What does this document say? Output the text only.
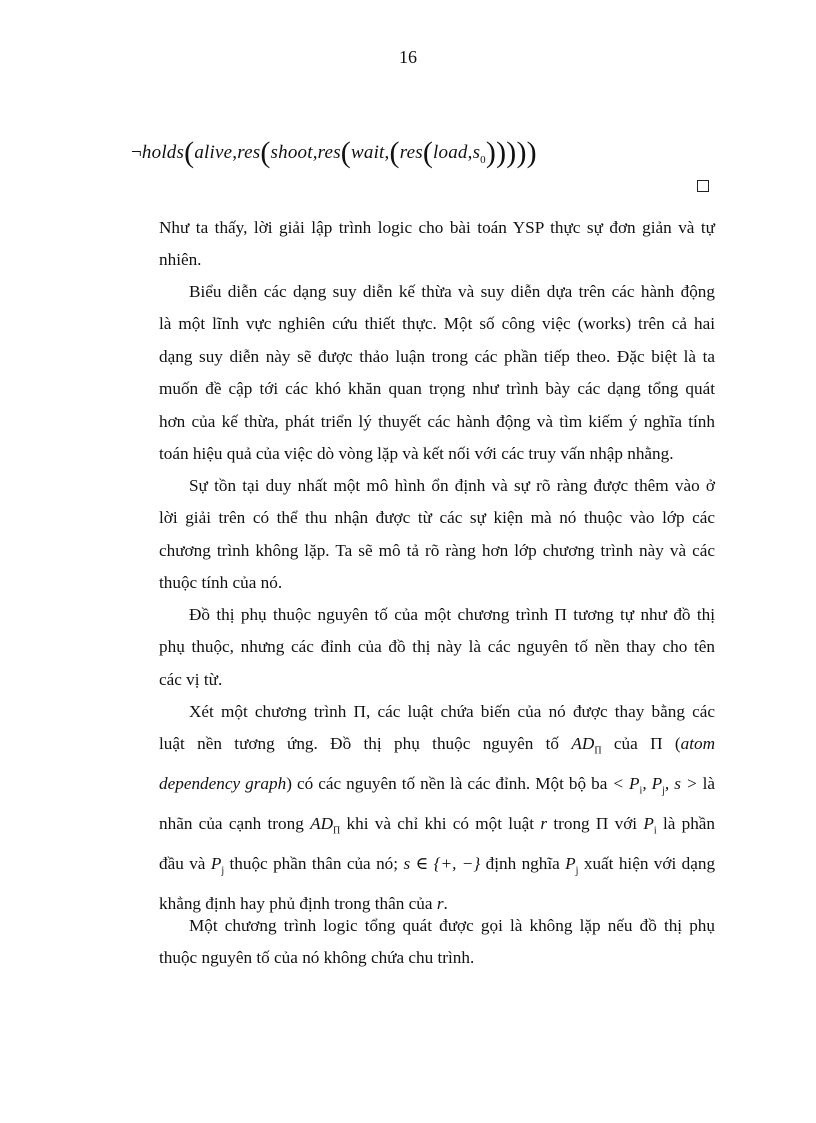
16
$\neg holds(alive,res(shoot,res(wait,(res(load,s_0)))))$
Như ta thấy, lời giải lập trình logic cho bài toán YSP thực sự đơn giản và tự
nhiên.
Biểu diễn các dạng suy diễn kế thừa và suy diễn dựa trên các hành động
là một lĩnh vực nghiên cứu thiết thực. Một số công việc (works) trên cả hai
dạng suy diễn này sẽ được thảo luận trong các phần tiếp theo. Đặc biệt là ta
muốn đề cập tới các khó khăn quan trọng như trình bày các dạng tổng quát
hơn của kế thừa, phát triển lý thuyết các hành động và tìm kiếm ý nghĩa tính
toán hiệu quả của việc dò vòng lặp và kết nối với các truy vấn nhập nhằng.
Sự tồn tại duy nhất một mô hình ổn định và sự rõ ràng được thêm vào ở
lời giải trên có thể thu nhận được từ các sự kiện mà nó thuộc vào lớp các
chương trình không lặp. Ta sẽ mô tả rõ ràng hơn lớp chương trình này và các
thuộc tính của nó.
Đồ thị phụ thuộc nguyên tố của một chương trình Π tương tự như đồ thị
phụ thuộc, nhưng các đỉnh của đồ thị này là các nguyên tố nền thay cho tên
các vị từ.
Xét một chương trình Π, các luật chứa biến của nó được thay bằng các
luật nền tương ứng. Đồ thị phụ thuộc nguyên tố $AD_\Pi$ của Π (atom
dependency graph) có các nguyên tố nền là các đỉnh. Một bộ ba < $P_i$, $P_j$, s > là
nhãn của cạnh trong $AD_\Pi$ khi và chỉ khi có một luật r trong Π với $P_i$ là phần
đầu và $P_j$ thuộc phần thân của nó; s ∈ {+, −} định nghĩa $P_j$ xuất hiện với dạng
khẳng định hay phủ định trong thân của r.
Một chương trình logic tổng quát được gọi là không lặp nếu đồ thị phụ
thuộc nguyên tố của nó không chứa chu trình.
